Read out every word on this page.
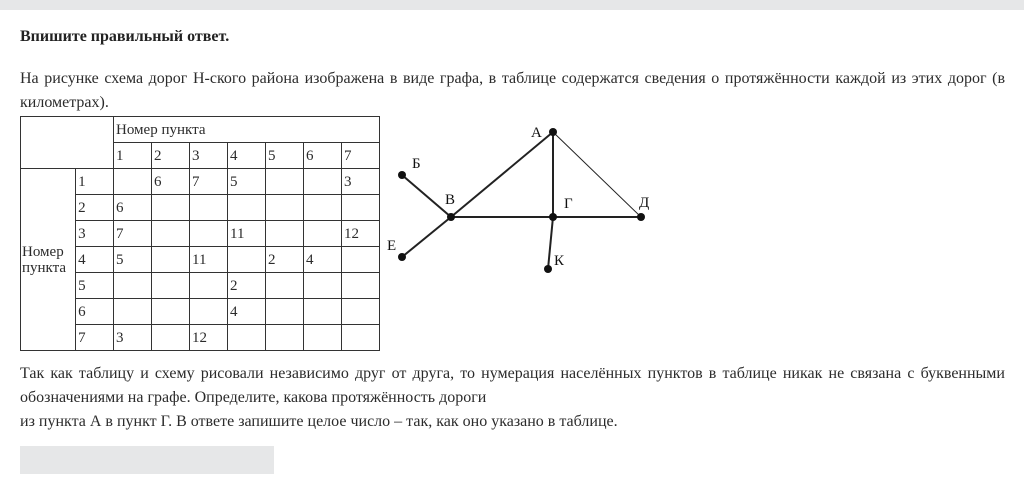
Впишите правильный ответ.
На рисунке схема дорог Н-ского района изображена в виде графа, в таблице содержатся сведения о протяжённости каждой из этих дорог (в километрах).
		Номер пункта						
		1	2	3	4	5	6	7
Номер
пункта	1		6	7	5			3
	2	6						
	3	7			11			12
	4	5		11		2	4	
	5				2			
	6				4			
	7	3		12				
А
Б
В	Г	Д
Е
К
Так как таблицу и схему рисовали независимо друг от друга, то нумерация населённых пунктов в таблице никак не связана с буквенными обозначениями на графе. Определите, какова протяжённость дороги
из пункта А в пункт Г. В ответе запишите целое число – так, как оно указано в таблице.
